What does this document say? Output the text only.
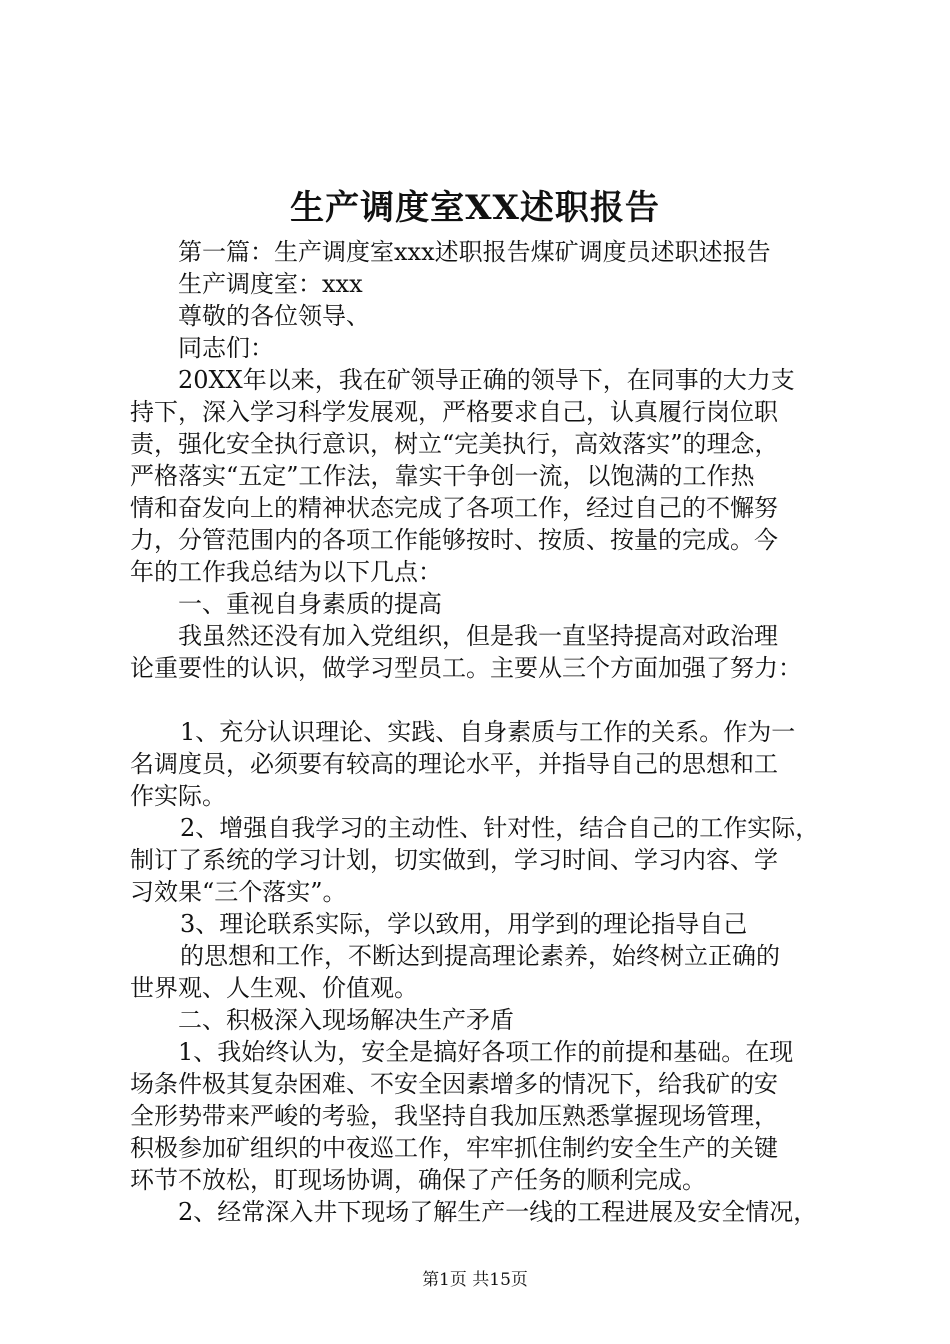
生产调度室XX述职报告
第一篇：生产调度室xxx述职报告煤矿调度员述职述报告
生产调度室：xxx
尊敬的各位领导、
同志们：
20XX年以来，我在矿领导正确的领导下，在同事的大力支
持下，深入学习科学发展观，严格要求自己，认真履行岗位职
责，强化安全执行意识，树立“完美执行，高效落实”的理念，
严格落实“五定”工作法，靠实干争创一流，以饱满的工作热
情和奋发向上的精神状态完成了各项工作，经过自己的不懈努
力，分管范围内的各项工作能够按时、按质、按量的完成。今
年的工作我总结为以下几点：
一、重视自身素质的提高
我虽然还没有加入党组织，但是我一直坚持提高对政治理
论重要性的认识，做学习型员工。主要从三个方面加强了努力：
1、充分认识理论、实践、自身素质与工作的关系。作为一
名调度员，必须要有较高的理论水平，并指导自己的思想和工
作实际。
2、增强自我学习的主动性、针对性，结合自己的工作实际，
制订了系统的学习计划，切实做到，学习时间、学习内容、学
习效果“三个落实”。
3、理论联系实际，学以致用，用学到的理论指导自己
的思想和工作，不断达到提高理论素养，始终树立正确的
世界观、人生观、价值观。
二、积极深入现场解决生产矛盾
1、我始终认为，安全是搞好各项工作的前提和基础。在现
场条件极其复杂困难、不安全因素增多的情况下，给我矿的安
全形势带来严峻的考验，我坚持自我加压熟悉掌握现场管理，
积极参加矿组织的中夜巡工作，牢牢抓住制约安全生产的关键
环节不放松，盯现场协调，确保了产任务的顺利完成。
2、经常深入井下现场了解生产一线的工程进展及安全情况，
第1页 共15页
